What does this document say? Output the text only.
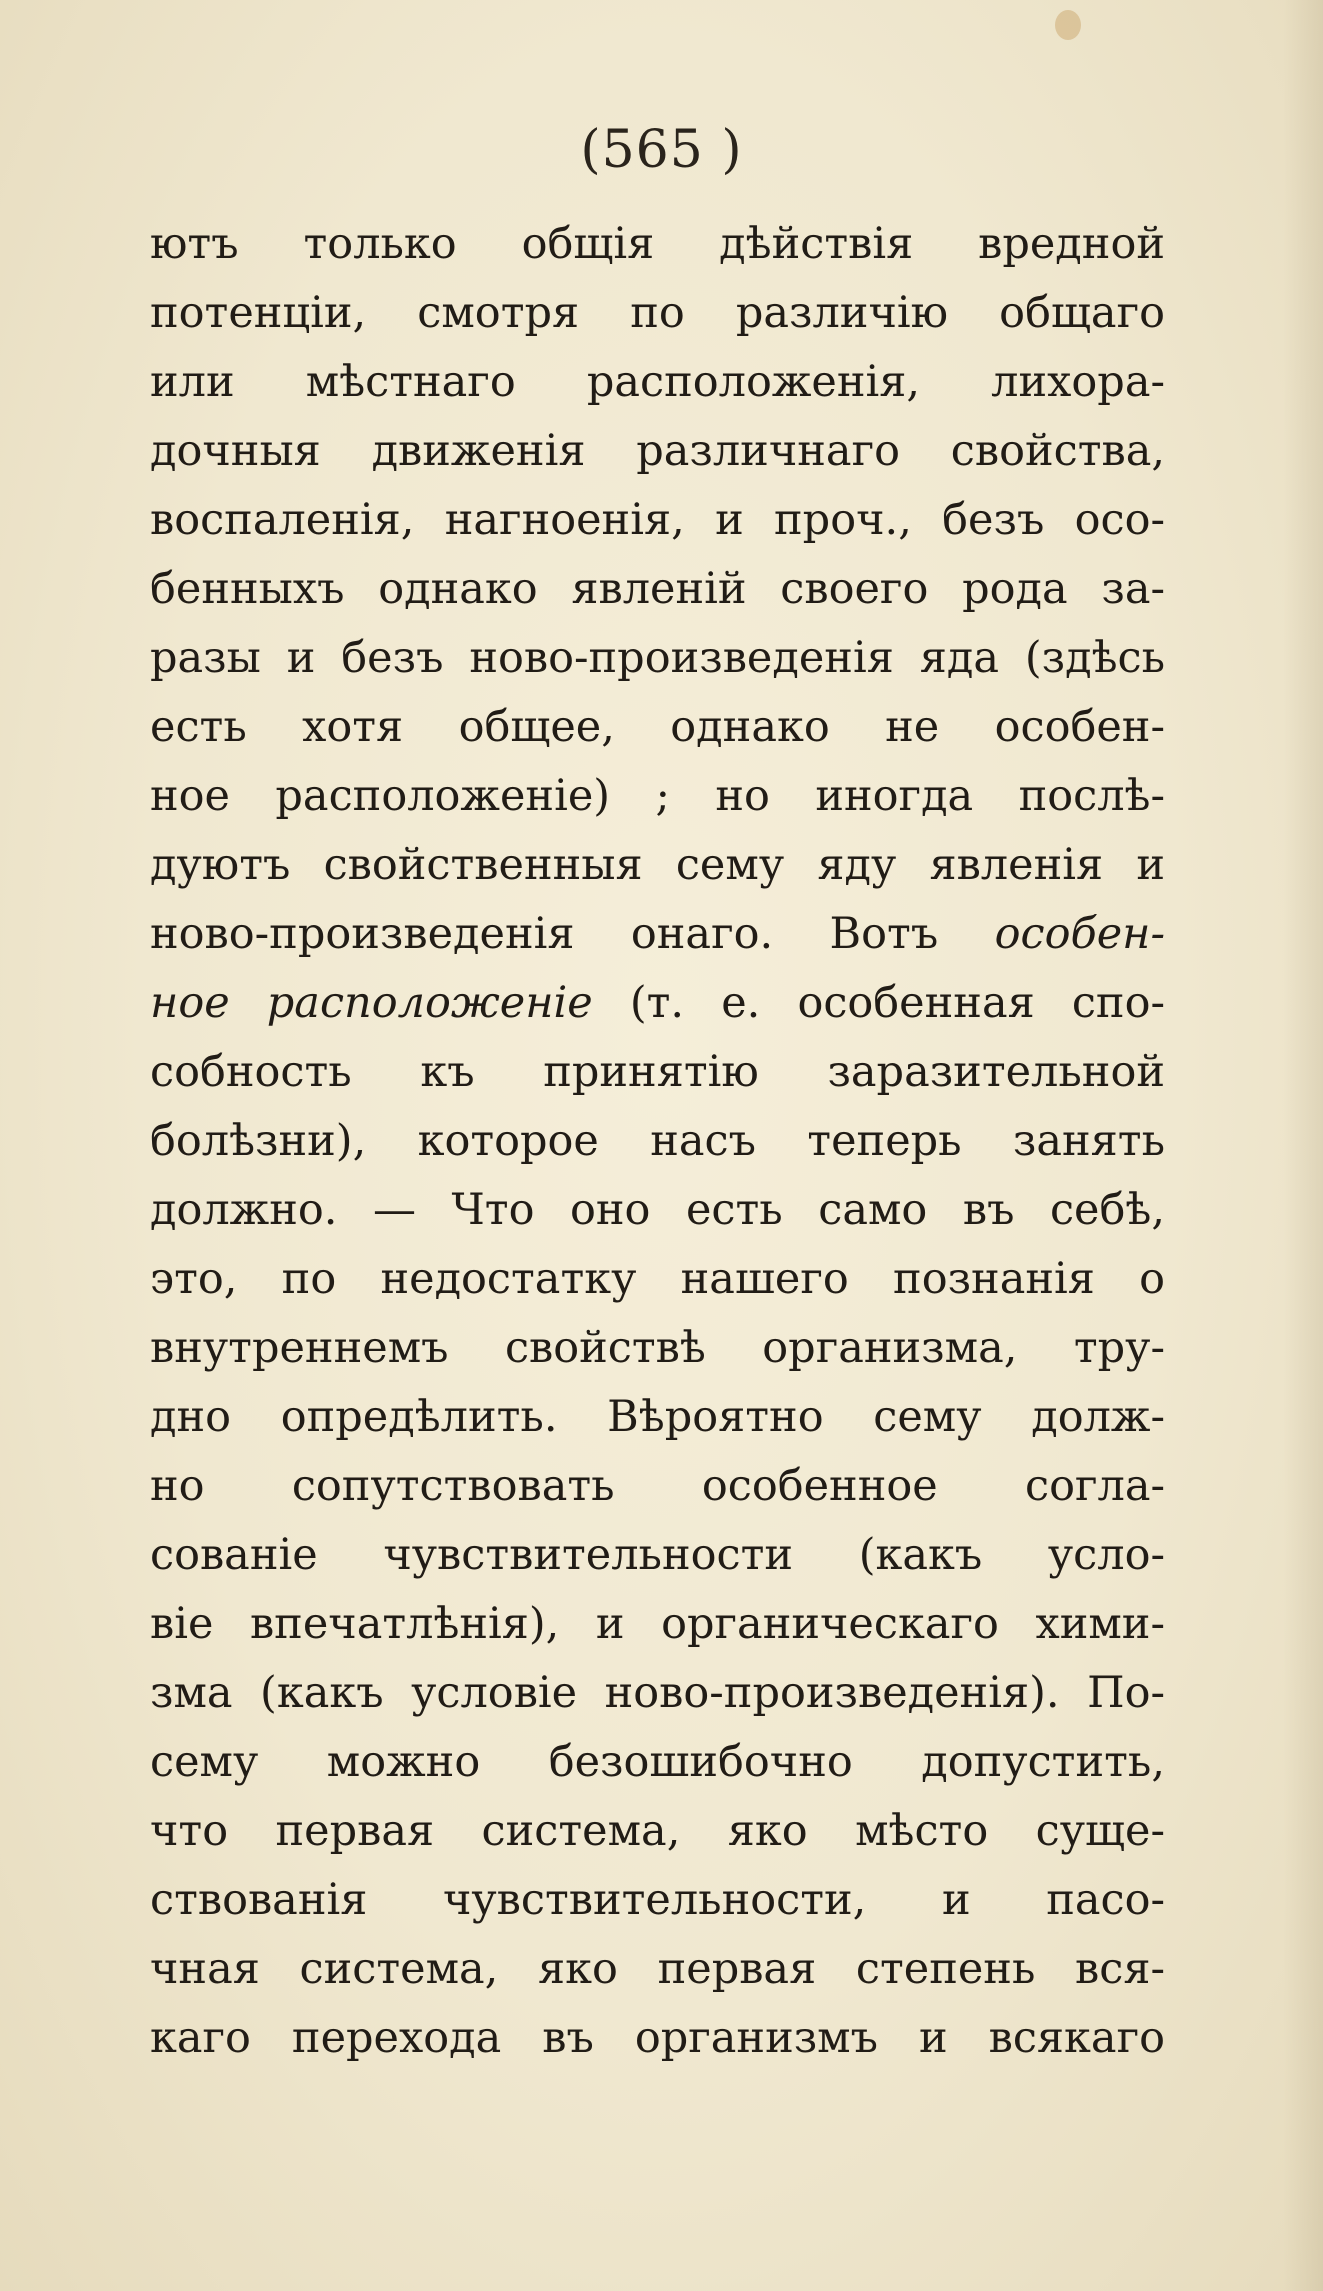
(565 )
ютъ только общія дѣйствія вредной
потенціи, смотря по различію общаго
или мѣстнаго расположенія, лихора-
дочныя движенія различнаго свойства,
воспаленія, нагноенія, и проч., безъ осо-
бенныхъ однако явленій своего рода за-
разы и безъ ново-произведенія яда (здѣсь
есть хотя общее, однако не особен-
ное расположеніе) ; но иногда послѣ-
дуютъ свойственныя сему яду явленія и
ново-произведенія онаго. Вотъ особен-
ное расположеніе (т. е. особенная спо-
собность къ принятію заразительной
болѣзни), которое насъ теперь занять
должно. — Что оно есть само въ себѣ,
это, по недостатку нашего познанія о
внутреннемъ свойствѣ организма, тру-
дно опредѣлить. Вѣроятно сему долж-
но сопутствовать особенное согла-
сованіе чувствительности (какъ усло-
віе впечатлѣнія), и органическаго хими-
зма (какъ условіе ново-произведенія). По-
сему можно безошибочно допустить,
что первая система, яко мѣсто суще-
ствованія чувствительности, и пасо-
чная система, яко первая степень вся-
каго перехода въ организмъ и всякаго
